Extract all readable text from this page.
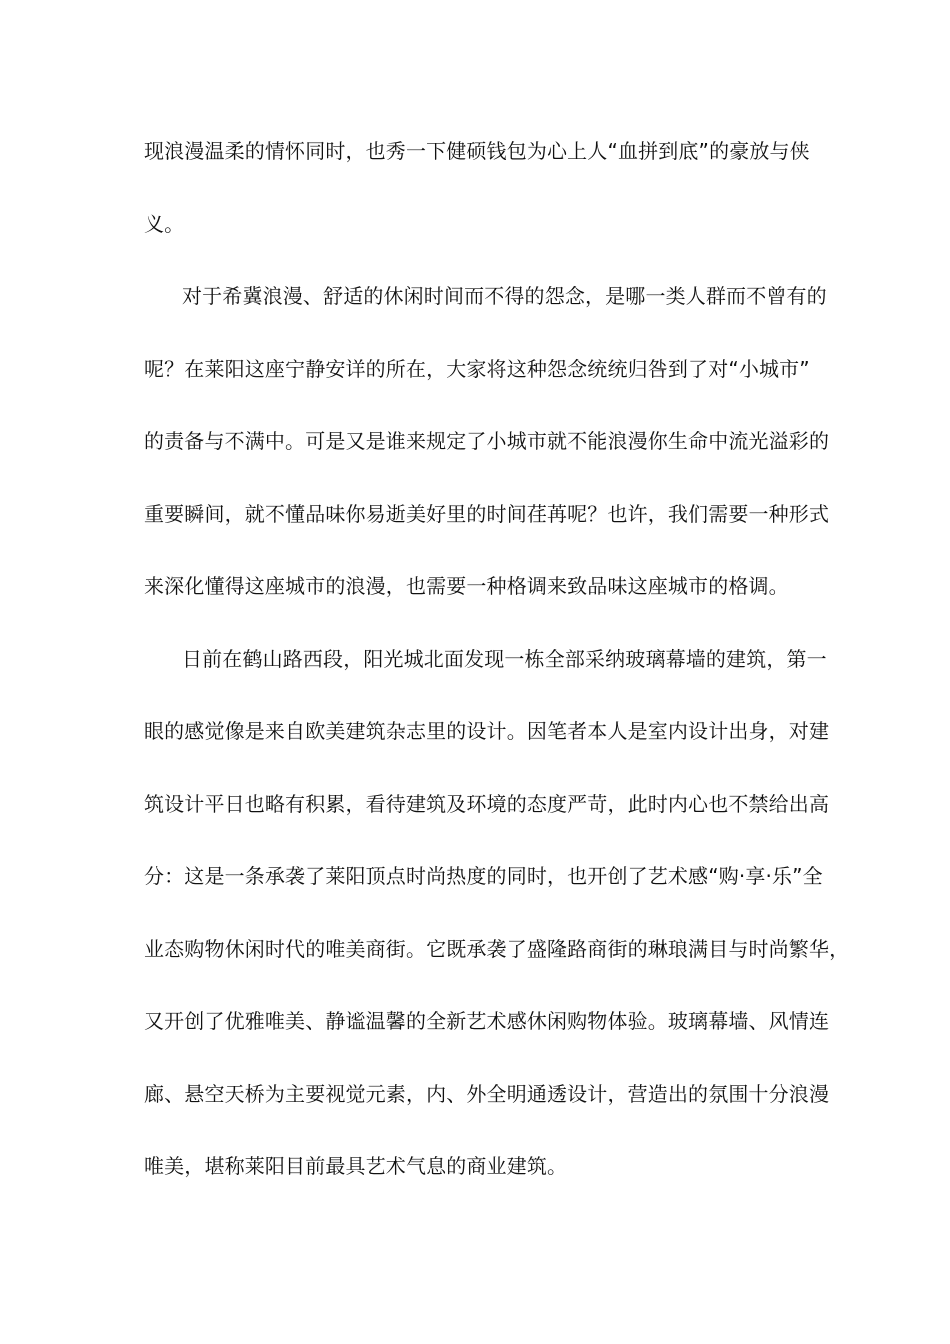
现浪漫温柔的情怀同时，也秀一下健硕钱包为心上人“血拼到底”的豪放与侠
义。
对于希冀浪漫、舒适的休闲时间而不得的怨念，是哪一类人群而不曾有的
呢？在莱阳这座宁静安详的所在，大家将这种怨念统统归咎到了对“小城市”
的责备与不满中。可是又是谁来规定了小城市就不能浪漫你生命中流光溢彩的
重要瞬间，就不懂品味你易逝美好里的时间荏苒呢？也许，我们需要一种形式
来深化懂得这座城市的浪漫，也需要一种格调来致品味这座城市的格调。
日前在鹤山路西段，阳光城北面发现一栋全部采纳玻璃幕墙的建筑，第一
眼的感觉像是来自欧美建筑杂志里的设计。因笔者本人是室内设计出身，对建
筑设计平日也略有积累，看待建筑及环境的态度严苛，此时内心也不禁给出高
分：这是一条承袭了莱阳顶点时尚热度的同时，也开创了艺术感“购·享·乐”全
业态购物休闲时代的唯美商街。它既承袭了盛隆路商街的琳琅满目与时尚繁华，
又开创了优雅唯美、静谧温馨的全新艺术感休闲购物体验。玻璃幕墙、风情连
廊、悬空天桥为主要视觉元素，内、外全明通透设计，营造出的氛围十分浪漫
唯美，堪称莱阳目前最具艺术气息的商业建筑。
